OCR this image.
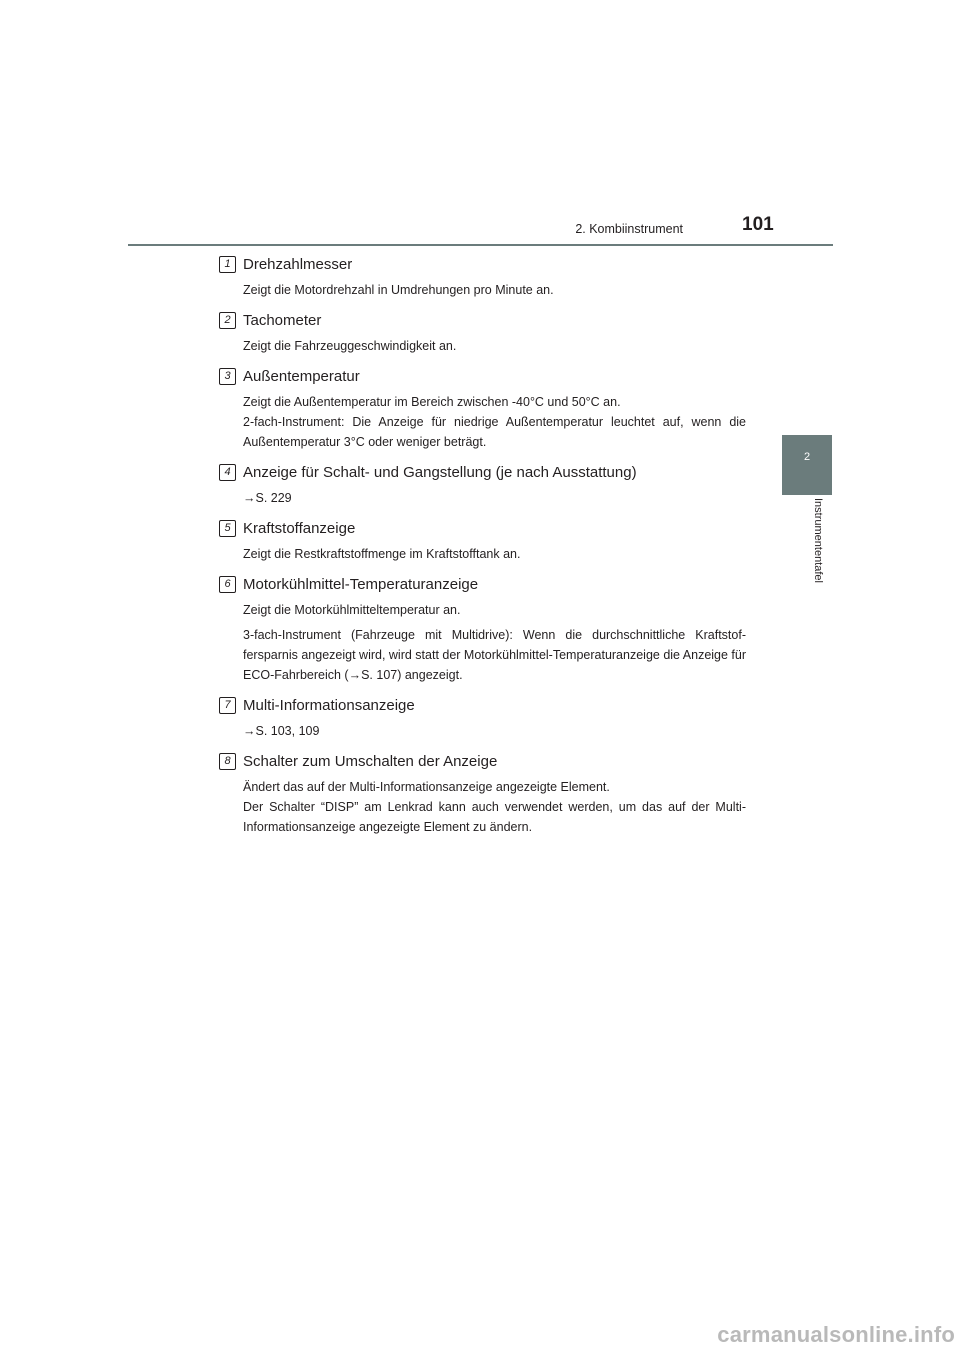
2. Kombiinstrument	101
2
Instrumententafel
1 Drehzahlmesser
Zeigt die Motordrehzahl in Umdrehungen pro Minute an.
2 Tachometer
Zeigt die Fahrzeuggeschwindigkeit an.
3 Außentemperatur
Zeigt die Außentemperatur im Bereich zwischen -40°C und 50°C an.
2-fach-Instrument: Die Anzeige für niedrige Außentemperatur leuchtet auf, wenn die Außentemperatur 3°C oder weniger beträgt.
4 Anzeige für Schalt- und Gangstellung (je nach Ausstattung)
→S. 229
5 Kraftstoffanzeige
Zeigt die Restkraftstoffmenge im Kraftstofftank an.
6 Motorkühlmittel-Temperaturanzeige
Zeigt die Motorkühlmitteltemperatur an.
3-fach-Instrument (Fahrzeuge mit Multidrive): Wenn die durchschnittliche Kraftstof-fersparnis angezeigt wird, wird statt der Motorkühlmittel-Temperaturanzeige die Anzeige für ECO-Fahrbereich (→S. 107) angezeigt.
7 Multi-Informationsanzeige
→S. 103, 109
8 Schalter zum Umschalten der Anzeige
Ändert das auf der Multi-Informationsanzeige angezeigte Element.
Der Schalter “DISP” am Lenkrad kann auch verwendet werden, um das auf der Multi-Informationsanzeige angezeigte Element zu ändern.
carmanualsonline.info
